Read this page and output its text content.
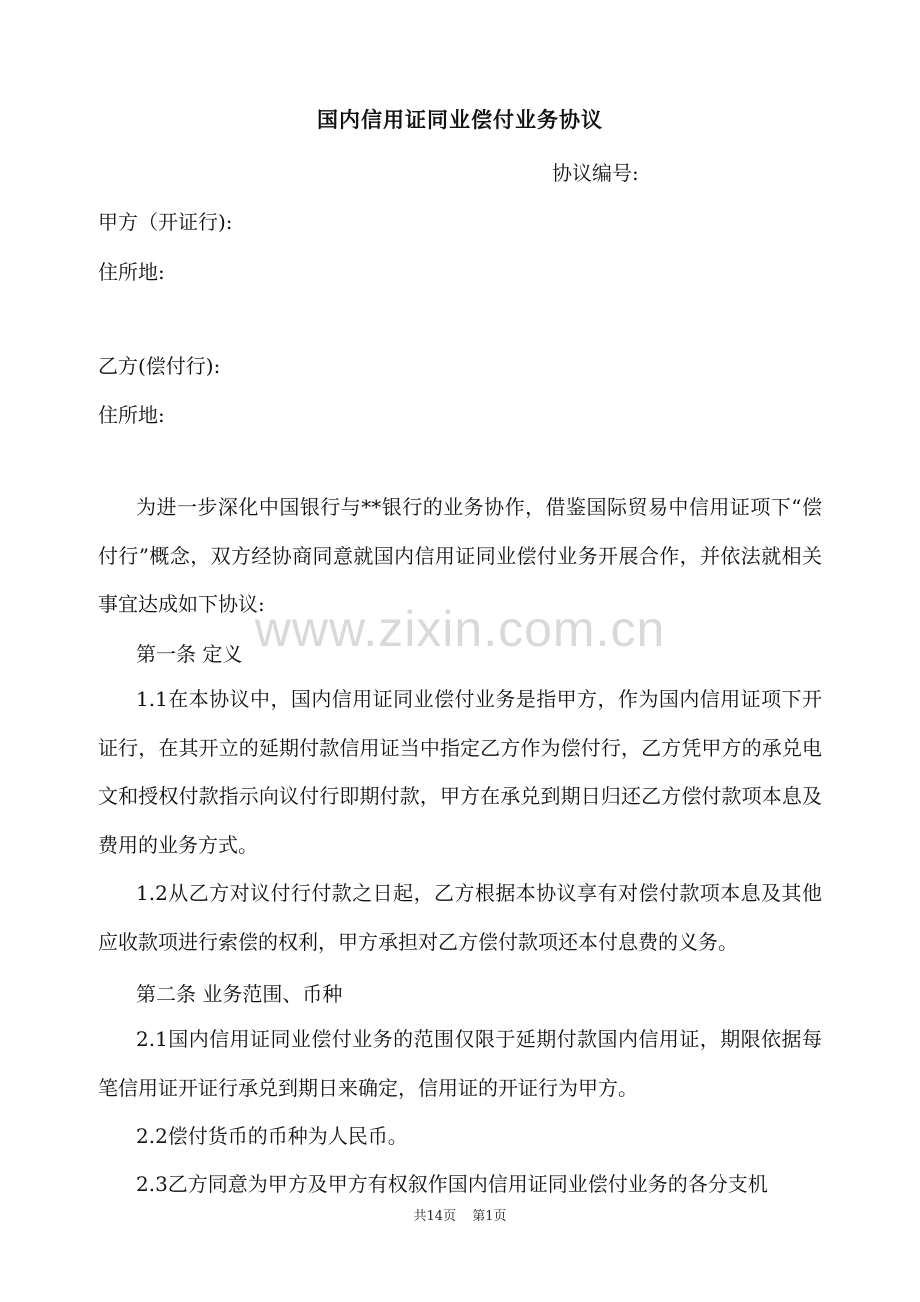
国内信用证同业偿付业务协议
协议编号:
甲方（开证行):
住所地:
乙方(偿付行):
住所地:
为进一步深化中国银行与**银行的业务协作，借鉴国际贸易中信用证项下“偿付行”概念，双方经协商同意就国内信用证同业偿付业务开展合作，并依法就相关事宜达成如下协议:
第一条 定义
1.1在本协议中，国内信用证同业偿付业务是指甲方，作为国内信用证项下开证行，在其开立的延期付款信用证当中指定乙方作为偿付行，乙方凭甲方的承兑电文和授权付款指示向议付行即期付款，甲方在承兑到期日归还乙方偿付款项本息及费用的业务方式。
1.2从乙方对议付行付款之日起，乙方根据本协议享有对偿付款项本息及其他应收款项进行索偿的权利，甲方承担对乙方偿付款项还本付息费的义务。
第二条 业务范围、币种
2.1国内信用证同业偿付业务的范围仅限于延期付款国内信用证，期限依据每笔信用证开证行承兑到期日来确定，信用证的开证行为甲方。
2.2偿付货币的币种为人民币。
2.3乙方同意为甲方及甲方有权叙作国内信用证同业偿付业务的各分支机
www.zixin.com.cn
共14页 第1页
